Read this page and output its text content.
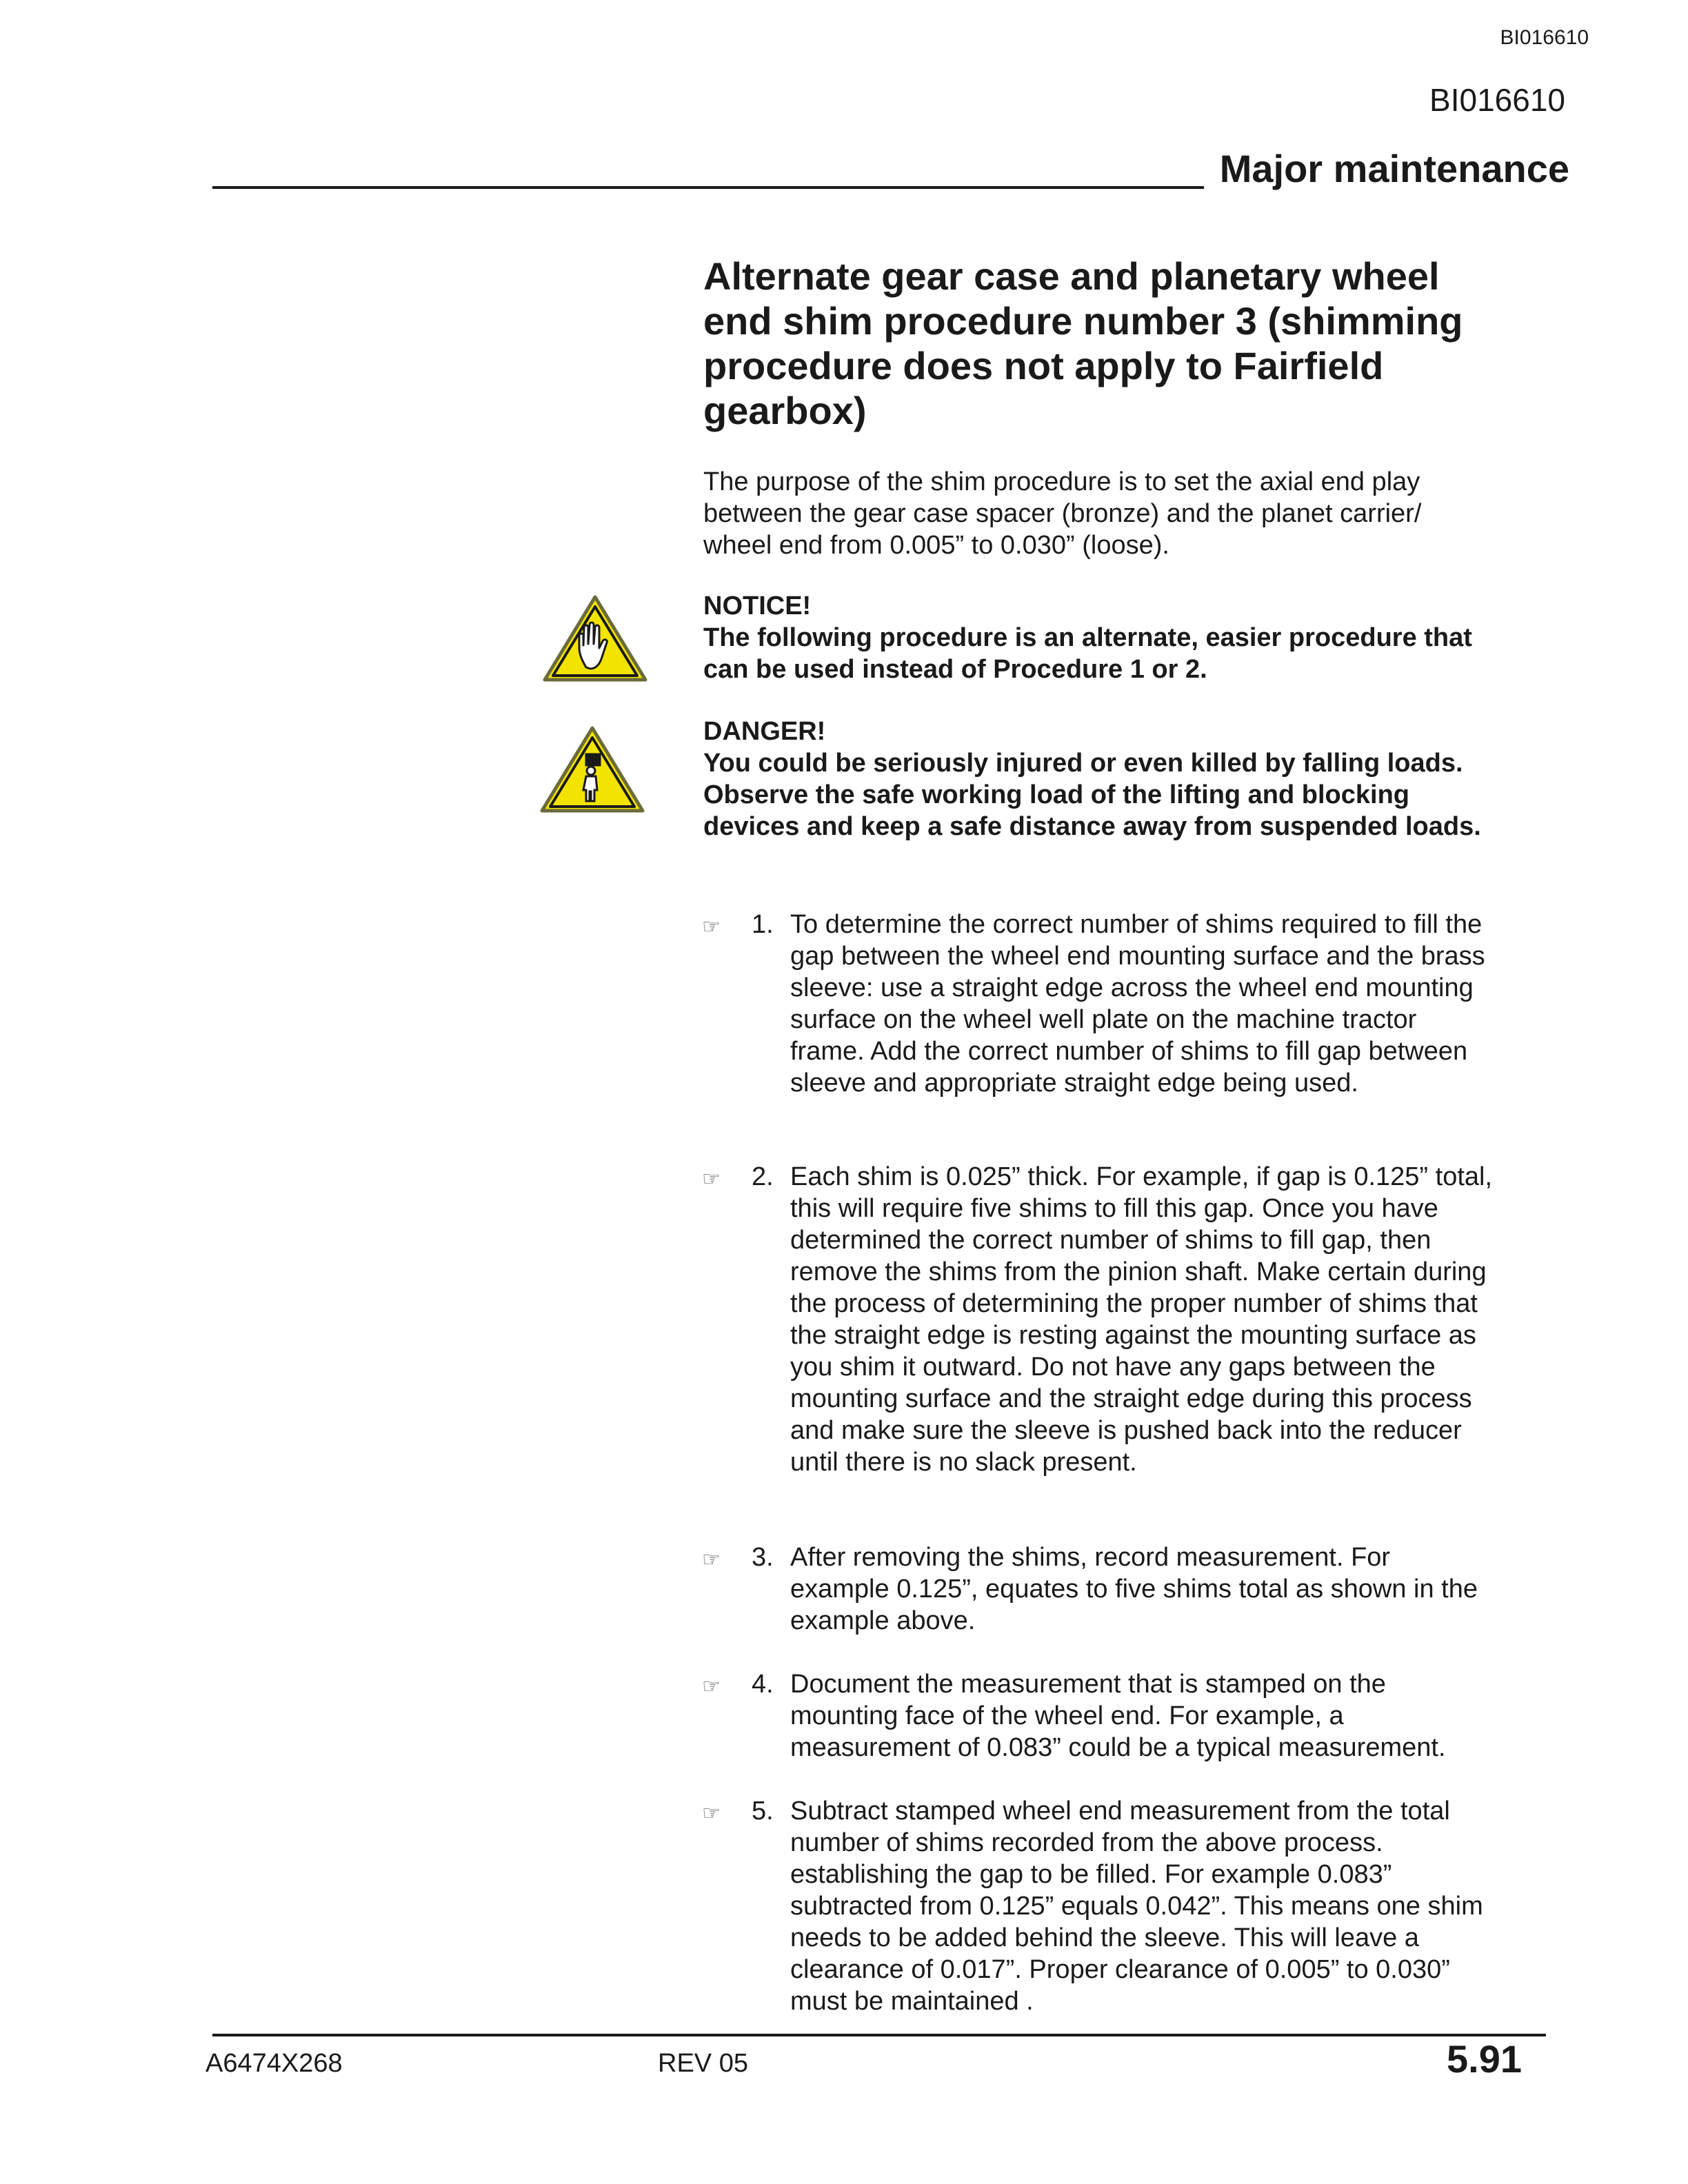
BI016610
BI016610
Major maintenance
Alternate gear case and planetary wheel end shim procedure number 3 (shimming procedure does not apply to Fairfield gearbox)
The purpose of the shim procedure is to set the axial end play between the gear case spacer (bronze) and the planet carrier/ wheel end from 0.005” to 0.030” (loose).
NOTICE!
The following procedure is an alternate, easier procedure that can be used instead of Procedure 1 or 2.
DANGER!
You could be seriously injured or even killed by falling loads. Observe the safe working load of the lifting and blocking devices and keep a safe distance away from suspended loads.
☞ 1. To determine the correct number of shims required to fill the gap between the wheel end mounting surface and the brass sleeve: use a straight edge across the wheel end mounting surface on the wheel well plate on the machine tractor frame. Add the correct number of shims to fill gap between sleeve and appropriate straight edge being used.
☞ 2. Each shim is 0.025” thick. For example, if gap is 0.125” total, this will require five shims to fill this gap. Once you have determined the correct number of shims to fill gap, then remove the shims from the pinion shaft. Make certain during the process of determining the proper number of shims that the straight edge is resting against the mounting surface as you shim it outward. Do not have any gaps between the mounting surface and the straight edge during this process and make sure the sleeve is pushed back into the reducer until there is no slack present.
☞ 3. After removing the shims, record measurement. For example 0.125”, equates to five shims total as shown in the example above.
☞ 4. Document the measurement that is stamped on the mounting face of the wheel end. For example, a measurement of 0.083” could be a typical measurement.
☞ 5. Subtract stamped wheel end measurement from the total number of shims recorded from the above process. establishing the gap to be filled. For example 0.083” subtracted from 0.125” equals 0.042”. This means one shim needs to be added behind the sleeve. This will leave a clearance of 0.017”. Proper clearance of 0.005” to 0.030” must be maintained .
A6474X268	REV 05	5.91
